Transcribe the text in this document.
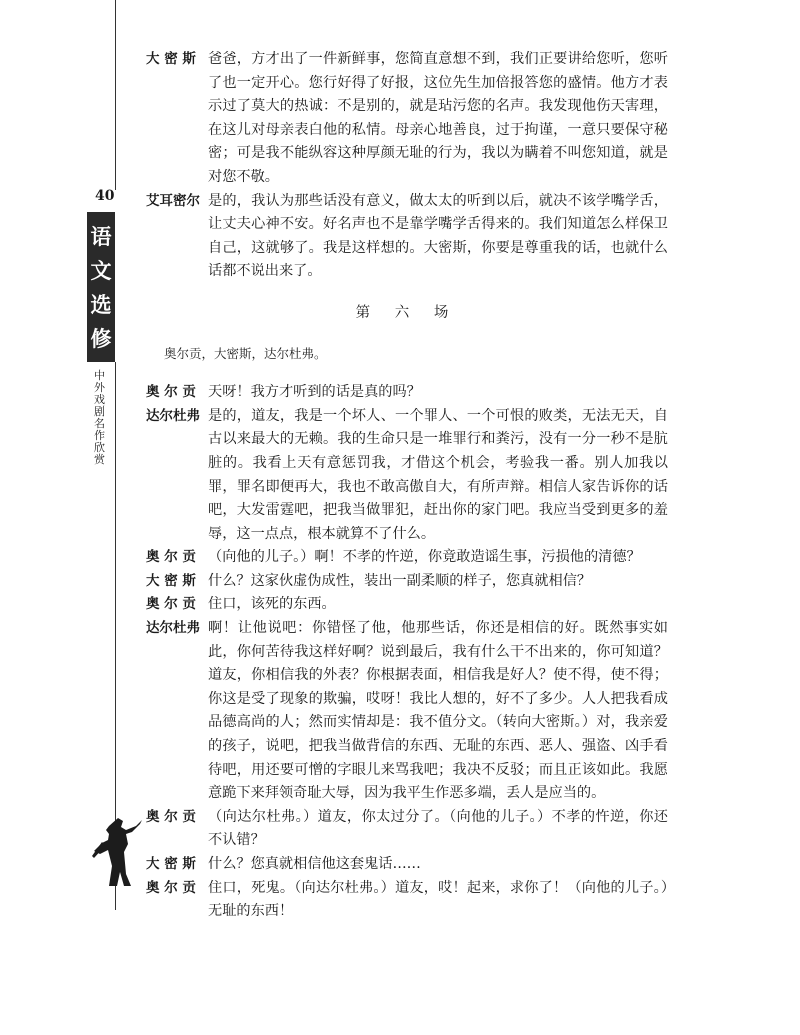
40
语
文
选
修
中外戏剧名作欣赏
大 密 斯 爸爸，方才出了一件新鲜事，您简直意想不到，我们正要讲给您听，您听了也一定开心。您行好得了好报，这位先生加倍报答您的盛情。他方才表示过了莫大的热诚：不是别的，就是玷污您的名声。我发现他伤天害理，在这儿对母亲表白他的私情。母亲心地善良，过于拘谨，一意只要保守秘密；可是我不能纵容这种厚颜无耻的行为，我以为瞒着不叫您知道，就是对您不敬。
艾耳密尔 是的，我认为那些话没有意义，做太太的听到以后，就决不该学嘴学舌，让丈夫心神不安。好名声也不是靠学嘴学舌得来的。我们知道怎么样保卫自己，这就够了。我是这样想的。大密斯，你要是尊重我的话，也就什么话都不说出来了。
第 六 场
奥尔贡，大密斯，达尔杜弗。
奥 尔 贡 天呀！我方才听到的话是真的吗？
达尔杜弗 是的，道友，我是一个坏人、一个罪人、一个可恨的败类，无法无天，自古以来最大的无赖。我的生命只是一堆罪行和粪污，没有一分一秒不是肮脏的。我看上天有意惩罚我，才借这个机会，考验我一番。别人加我以罪，罪名即便再大，我也不敢高傲自大，有所声辩。相信人家告诉你的话吧，大发雷霆吧，把我当做罪犯，赶出你的家门吧。我应当受到更多的羞辱，这一点点，根本就算不了什么。
奥 尔 贡 （向他的儿子。）啊！不孝的忤逆，你竟敢造谣生事，污损他的清德？
大 密 斯 什么？这家伙虚伪成性，装出一副柔顺的样子，您真就相信？
奥 尔 贡 住口，该死的东西。
达尔杜弗 啊！让他说吧：你错怪了他，他那些话，你还是相信的好。既然事实如此，你何苦待我这样好啊？说到最后，我有什么干不出来的，你可知道？道友，你相信我的外表？你根据表面，相信我是好人？使不得，使不得；你这是受了现象的欺骗，哎呀！我比人想的，好不了多少。人人把我看成品德高尚的人；然而实情却是：我不值分文。（转向大密斯。）对，我亲爱的孩子，说吧，把我当做背信的东西、无耻的东西、恶人、强盗、凶手看待吧，用还要可憎的字眼儿来骂我吧；我决不反驳；而且正该如此。我愿意跪下来拜领奇耻大辱，因为我平生作恶多端，丢人是应当的。
奥 尔 贡 （向达尔杜弗。）道友，你太过分了。（向他的儿子。）不孝的忤逆，你还不认错？
大 密 斯 什么？您真就相信他这套鬼话……
奥 尔 贡 住口，死鬼。（向达尔杜弗。）道友，哎！起来，求你了！（向他的儿子。）无耻的东西！
